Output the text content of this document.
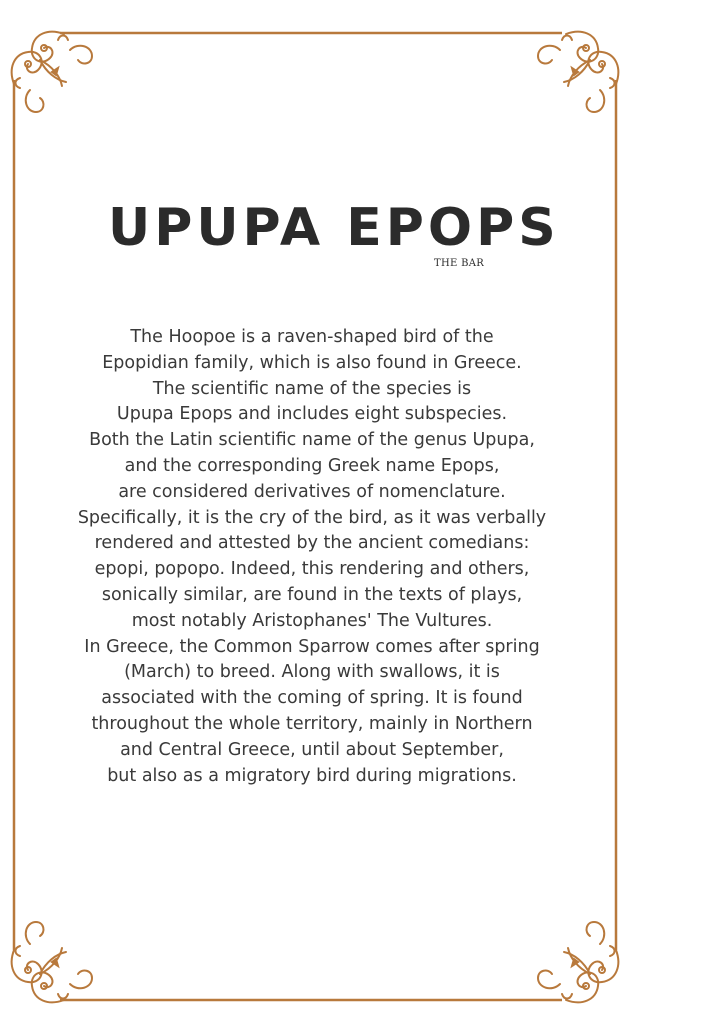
UPUPA EPOPS
THE BAR

The Hoopoe is a raven-shaped bird of the
Epopidian family, which is also found in Greece.
The scientific name of the species is
Upupa Epops and includes eight subspecies.
Both the Latin scientific name of the genus Upupa,
and the corresponding Greek name Epops,
are considered derivatives of nomenclature.
Specifically, it is the cry of the bird, as it was verbally
rendered and attested by the ancient comedians:
epopi, popopo. Indeed, this rendering and others,
sonically similar, are found in the texts of plays,
most notably Aristophanes' The Vultures.
In Greece, the Common Sparrow comes after spring
(March) to breed. Along with swallows, it is
associated with the coming of spring. It is found
throughout the whole territory, mainly in Northern
and Central Greece, until about September,
but also as a migratory bird during migrations.
